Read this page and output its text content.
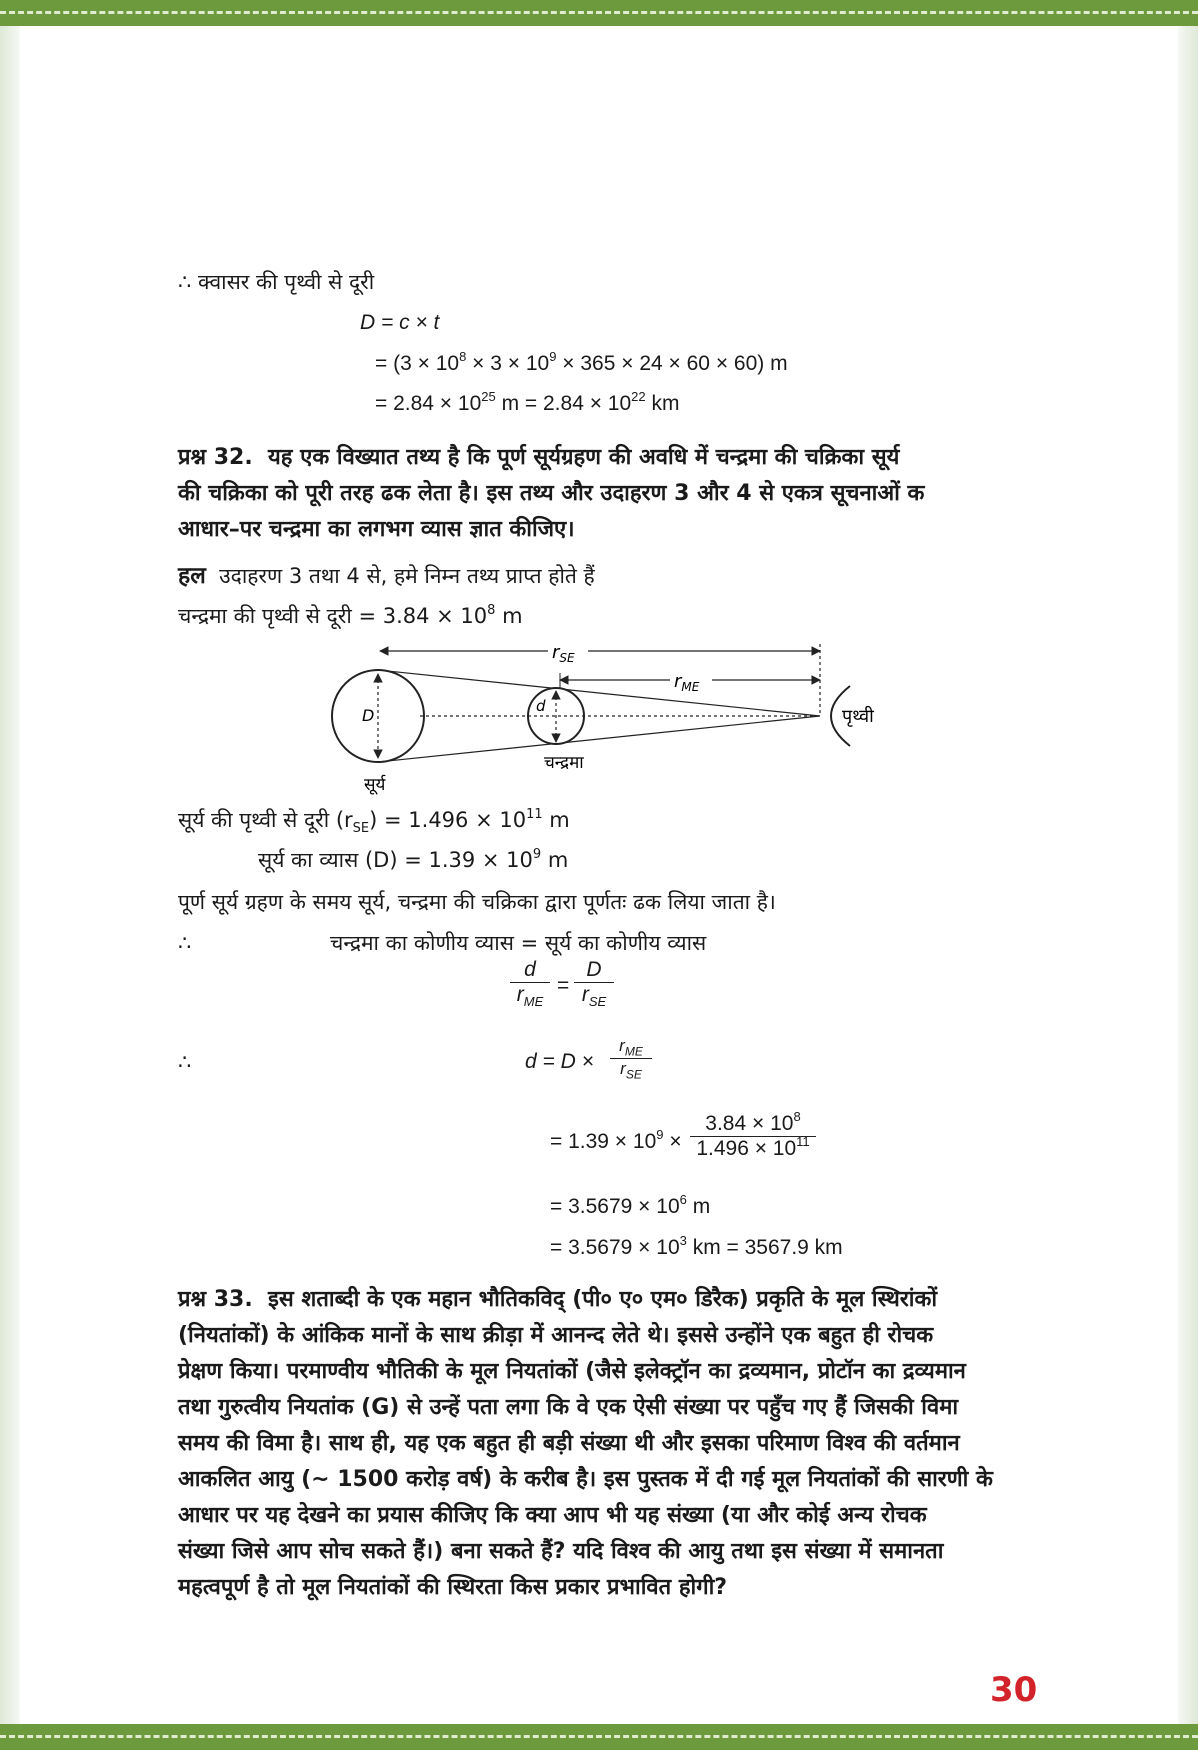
∴ क्वासर की पृथ्वी से दूरी
D = c × t
= $(3 \times 10^8 \times 3 \times 10^9 \times 365 \times 24 \times 60 \times 60)$ m
= $2.84 \times 10^{25}$ $m = 2.84 \times 10^{22}$ km
प्रश्न 32. यह एक विख्यात तथ्य है कि पूर्ण सूर्यग्रहण की अवधि में चन्द्रमा की चक्रिका सूर्य
की चक्रिका को पूरी तरह ढक लेता है। इस तथ्य और उदाहरण 3 और 4 से एकत्र सूचनाओं क
आधार–पर चन्द्रमा का लगभग व्यास ज्ञात कीजिए।
हल उदाहरण 3 तथा 4 से, हमे निम्न तथ्य प्राप्त होते हैं
चन्द्रमा की पृथ्वी से दूरी = $3.84 \times 10^8$ m
$r_{SE}$
$r_{ME}$
D	d	पृथ्वी
चन्द्रमा
सूर्य
सूर्य की पृथ्वी से दूरी $(r_{SE}) = 1.496 \times 10^{11}$ m
सूर्य का व्यास $(D) = 1.39 \times 10^9$ m
पूर्ण सूर्य ग्रहण के समय सूर्य, चन्द्रमा की चक्रिका द्वारा पूर्णतः ढक लिया जाता है।
∴	चन्द्रमा का कोणीय व्यास = सूर्य का कोणीय व्यास
d
$r_{ME}$
=
D
$r_{SE}$
∴	d = D ×
$r_{ME}$
$r_{SE}$
= $1.39 \times 10^9 \times \frac{3.84 \times 10^8}{1.496 \times 10^{11}}$
= $3.5679 \times 10^6$ m
= $3.5679 \times 10^3$ km = 3567.9 km
प्रश्न 33. इस शताब्दी के एक महान भौतिकविद् (पी० ए० एम० डिरैक) प्रकृति के मूल स्थिरांकों
(नियतांकों) के आंकिक मानों के साथ क्रीड़ा में आनन्द लेते थे। इससे उन्होंने एक बहुत ही रोचक
प्रेक्षण किया। परमाण्वीय भौतिकी के मूल नियतांकों (जैसे इलेक्ट्रॉन का द्रव्यमान, प्रोटॉन का द्रव्यमान
तथा गुरुत्वीय नियतांक (G) से उन्हें पता लगा कि वे एक ऐसी संख्या पर पहुँच गए हैं जिसकी विमा
समय की विमा है। साथ ही, यह एक बहुत ही बड़ी संख्या थी और इसका परिमाण विश्व की वर्तमान
आकलित आयु (~ 1500 करोड़ वर्ष) के करीब है। इस पुस्तक में दी गई मूल नियतांकों की सारणी के
आधार पर यह देखने का प्रयास कीजिए कि क्या आप भी यह संख्या (या और कोई अन्य रोचक
संख्या जिसे आप सोच सकते हैं।) बना सकते हैं? यदि विश्व की आयु तथा इस संख्या में समानता
महत्वपूर्ण है तो मूल नियतांकों की स्थिरता किस प्रकार प्रभावित होगी?
30
